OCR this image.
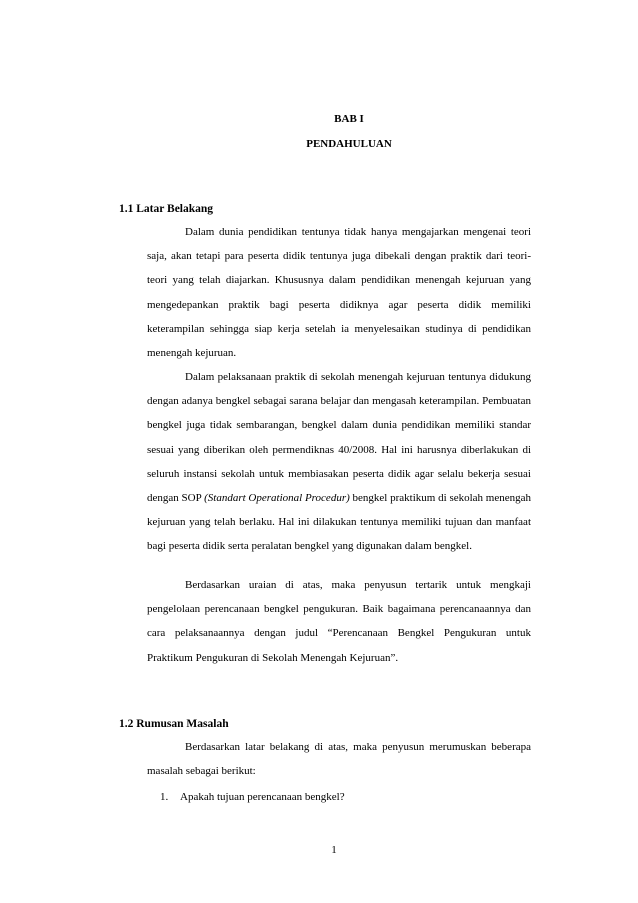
BAB I
PENDAHULUAN
1.1 Latar Belakang

Dalam dunia pendidikan tentunya tidak hanya mengajarkan mengenai teori saja, akan tetapi para peserta didik tentunya juga dibekali dengan praktik dari teori-teori yang telah diajarkan. Khususnya dalam pendidikan menengah kejuruan yang mengedepankan praktik bagi peserta didiknya agar peserta didik memiliki keterampilan sehingga siap kerja setelah ia menyelesaikan studinya di pendidikan menengah kejuruan.

Dalam pelaksanaan praktik di sekolah menengah kejuruan tentunya didukung dengan adanya bengkel sebagai sarana belajar dan mengasah keterampilan. Pembuatan bengkel juga tidak sembarangan, bengkel dalam dunia pendidikan memiliki standar sesuai yang diberikan oleh permendiknas 40/2008. Hal ini harusnya diberlakukan di seluruh instansi sekolah untuk membiasakan peserta didik agar selalu bekerja sesuai dengan SOP (Standart Operational Procedur) bengkel praktikum di sekolah menengah kejuruan yang telah berlaku. Hal ini dilakukan tentunya memiliki tujuan dan manfaat bagi peserta didik serta peralatan bengkel yang digunakan dalam bengkel.

Berdasarkan uraian di atas, maka penyusun tertarik untuk mengkaji pengelolaan perencanaan bengkel pengukuran. Baik bagaimana perencanaannya dan cara pelaksanaannya dengan judul “Perencanaan Bengkel Pengukuran untuk Praktikum Pengukuran di Sekolah Menengah Kejuruan”.

1.2 Rumusan Masalah

Berdasarkan latar belakang di atas, maka penyusun merumuskan beberapa masalah sebagai berikut:

1. Apakah tujuan perencanaan bengkel?
1
